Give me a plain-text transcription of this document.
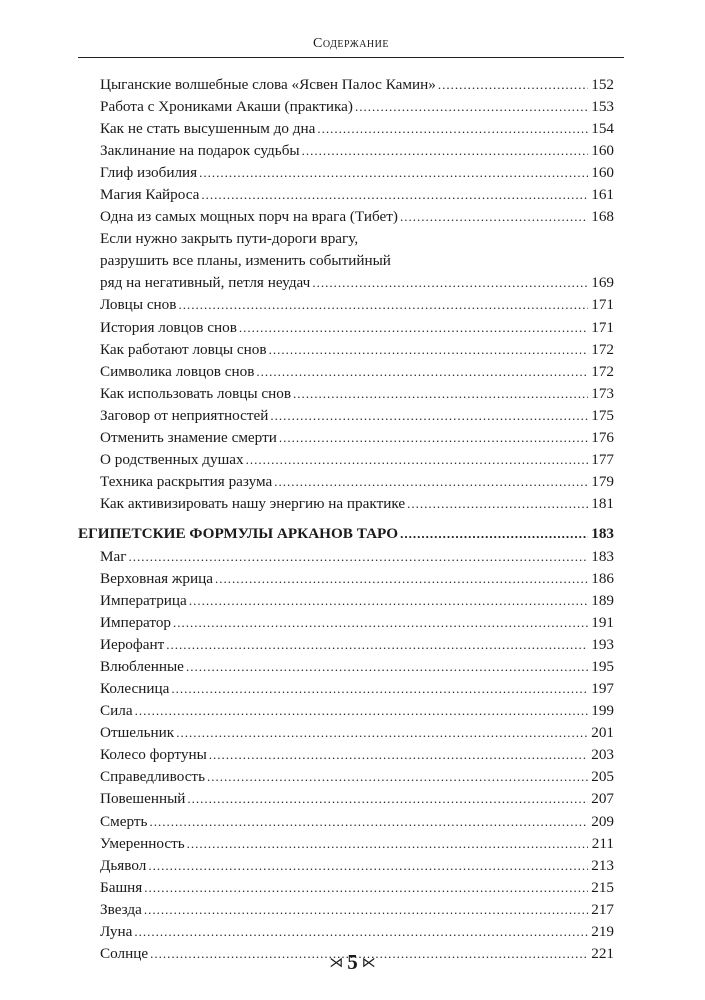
Содержание
Цыганские волшебные слова «Ясвен Палос Камин» .....	152
Работа с Хрониками Акаши (практика) .....	153
Как не стать высушенным до дна .....	154
Заклинание на подарок судьбы .....	160
Глиф изобилия .....	160
Магия Кайроса .....	161
Одна из самых мощных порч на врага (Тибет) .....	168
Если нужно закрыть пути-дороги врагу,
разрушить все планы, изменить событийный
ряд на негативный, петля неудач .....	169
Ловцы снов .....	171
История ловцов снов .....	171
Как работают ловцы снов .....	172
Символика ловцов снов .....	172
Как использовать ловцы снов .....	173
Заговор от неприятностей .....	175
Отменить знамение смерти .....	176
О родственных душах .....	177
Техника раскрытия разума .....	179
Как активизировать нашу энергию на практике .....	181
ЕГИПЕТСКИЕ ФОРМУЛЫ АРКАНОВ ТАРО .....	183
Маг .....	183
Верховная жрица .....	186
Императрица .....	189
Император .....	191
Иерофант .....	193
Влюбленные .....	195
Колесница .....	197
Сила .....	199
Отшельник .....	201
Колесо фортуны .....	203
Справедливость .....	205
Повешенный .....	207
Смерть .....	209
Умеренность .....	211
Дьявол .....	213
Башня .....	215
Звезда .....	217
Луна .....	219
Солнце .....	221
⋊ 5 ⋉
